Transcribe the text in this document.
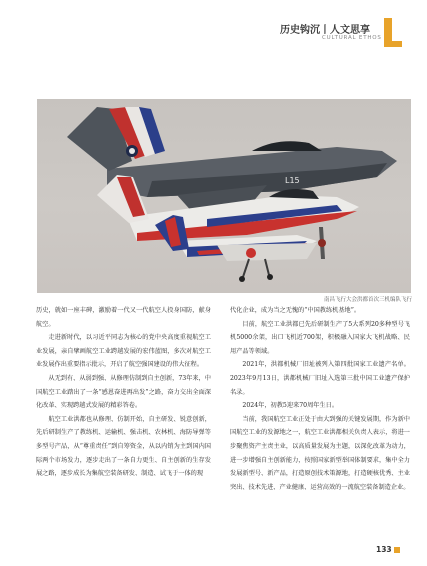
历史钩沉丨人文思享
CULTURAL ETHOS
L15
南昌飞行大会洪都首次三机编队飞行

历史，就如一座丰碑，激励着一代又一代航空人投身国防，献身航空。

走进新时代，以习近平同志为核心的党中央高度重视航空工业发展，亲自擘画航空工业跨越发展的宏伟蓝图，多次对航空工业发展作出重要指示批示，开启了航空强国建设的伟大征程。

从无到有、从弱到强、从修理仿制到自主创新，73年来，中国航空工业踏出了一条“感恩奋进再出发”之路，奋力交出全面深化改革、实现跨越式发展的精彩答卷。

航空工业洪都也从修理、仿制开始，自主研发、锐意创新，先后研制生产了教练机、运输机、强击机、农林机、海防导弹等多型号产品，从“尊重责任”到自筹资金，从以内销为主到国内国际两个市场发力，逐步走出了一条自力更生、自主创新的生存发展之路，逐步成长为集航空装备研发、制造、试飞于一体的现

代化企业，成为当之无愧的“中国教练机基地”。

目前，航空工业洪都已先后研制生产了5大系列20多种型号飞机5000余架，出口飞机近700架，积极融入国家大飞机战略、民用产品等领域。

2021年，洪都机械厂旧址被列入第四批国家工业遗产名单。2023年9月13日，洪都机械厂旧址入选第三批中国工业遗产保护名录。

2024年，初教5迎来70周年生日。

当前，我国航空工业正处于由大到强的关键发展期，作为新中国航空工业的发源地之一，航空工业洪都相关负责人表示，将进一步聚焦资产主责主业，以高质量发展为主题，以深化改革为动力，进一步增强自主创新能力，按照国家新型举国体制要求，集中全力发展新型号、新产品，打造原创技术策源地，打造硬核优秀、主业突出、技术先进、产业健康、运营高效的一流航空装备制造企业。

133
